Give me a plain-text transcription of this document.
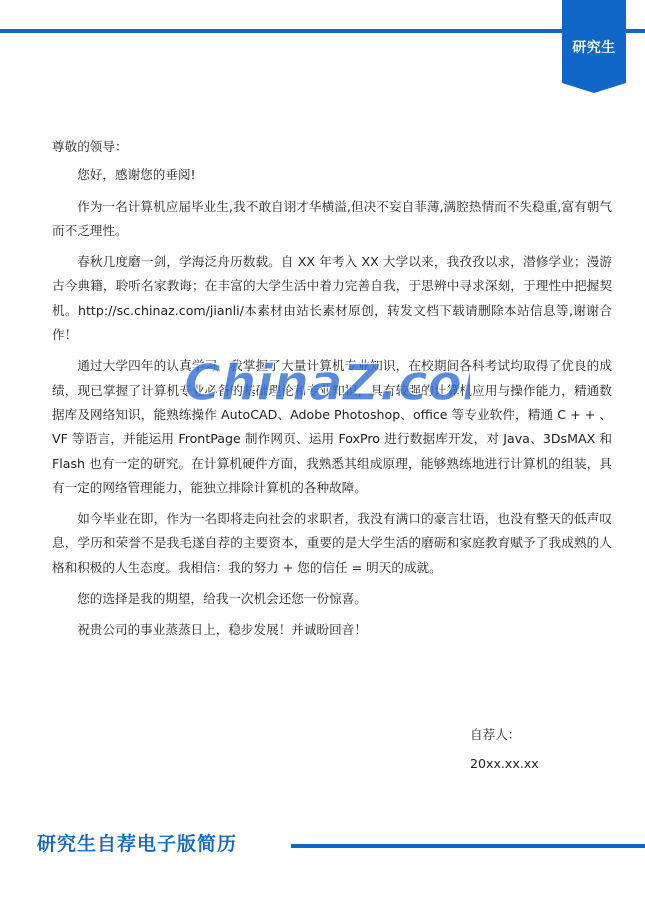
研究生

尊敬的领导：

您好，感谢您的垂阅!

作为一名计算机应届毕业生,我不敢自诩才华横溢,但决不妄自菲薄,满腔热情而不失稳重,富有朝气而不乏理性。

春秋几度磨一剑，学海泛舟历数载。自 XX 年考入 XX 大学以来，我孜孜以求，潜修学业；漫游古今典籍，聆听名家教诲；在丰富的大学生活中着力完善自我，于思辨中寻求深刻，于理性中把握契机。http://sc.chinaz.com/jianli/本素材由站长素材原创，转发文档下载请删除本站信息等,谢谢合作！

通过大学四年的认真学习，我掌握了大量计算机专业知识，在校期间各科考试均取得了优良的成绩，现已掌握了计算机专业必备的基础理论和专业知识，具有较强的计算机应用与操作能力，精通数据库及网络知识，能熟练操作 AutoCAD、Adobe Photoshop、office 等专业软件，精通 C + + 、VF 等语言，并能运用 FrontPage 制作网页、运用 FoxPro 进行数据库开发，对 Java、3DsMAX 和 Flash 也有一定的研究。在计算机硬件方面，我熟悉其组成原理，能够熟练地进行计算机的组装，具有一定的网络管理能力，能独立排除计算机的各种故障。

如今毕业在即，作为一名即将走向社会的求职者，我没有满口的豪言壮语，也没有整天的低声叹息，学历和荣誉不是我毛遂自荐的主要资本，重要的是大学生活的磨砺和家庭教育赋予了我成熟的人格和积极的人生态度。我相信：我的努力 + 您的信任 = 明天的成就。

您的选择是我的期望，给我一次机会还您一份惊喜。

祝贵公司的事业蒸蒸日上，稳步发展！并诚盼回音！

自荐人：
20xx.xx.xx
ChinaZ.co
研究生自荐电子版简历
